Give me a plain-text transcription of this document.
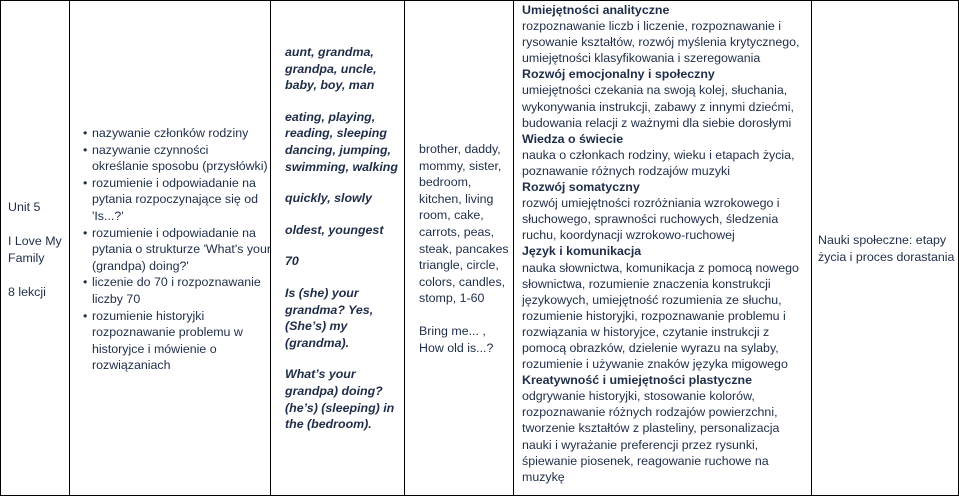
Unit 5
I Love My
Family
8 lekcji
• nazywanie członków rodziny
• nazywanie czynności
określanie sposobu (przysłówki)
• rozumienie i odpowiadanie na pytania rozpoczynające się od 'Is...?'
• rozumienie i odpowiadanie na pytania o strukturze 'What's your (grandpa) doing?'
• liczenie do 70 i rozpoznawanie liczby 70
• rozumienie historyjki
rozpoznawanie problemu w historyjce i mówienie o rozwiązaniach

aunt, grandma, grandpa, uncle, baby, boy, man

eating, playing, reading, sleeping dancing, jumping, swimming, walking

quickly, slowly

oldest, youngest

70

Is (she) your grandma? Yes, (She’s) my (grandma).

What’s your grandpa) doing? (he’s) (sleeping) in the (bedroom).

brother, daddy, mommy, sister, bedroom, kitchen, living room, cake, carrots, peas, steak, pancakes triangle, circle, colors, candles, stomp, 1-60

Bring me... , How old is...?

Umiejętności analityczne

rozpoznawanie liczb i liczenie, rozpoznawanie i rysowanie kształtów, rozwój myślenia krytycznego, umiejętności klasyfikowania i szeregowania

Rozwój emocjonalny i społeczny

umiejętności czekania na swoją kolej, słuchania, wykonywania instrukcji, zabawy z innymi dziećmi, budowania relacji z ważnymi dla siebie dorosłymi

Wiedza o świecie

nauka o członkach rodziny, wieku i etapach życia, poznawanie różnych rodzajów muzyki

Rozwój somatyczny

rozwój umiejętności rozróżniania wzrokowego i słuchowego, sprawności ruchowych, śledzenia ruchu, koordynacji wzrokowo-ruchowej

Język i komunikacja

nauka słownictwa, komunikacja z pomocą nowego słownictwa, rozumienie znaczenia konstrukcji językowych, umiejętność rozumienia ze słuchu, rozumienie historyjki, rozpoznawanie problemu i rozwiązania w historyjce, czytanie instrukcji z pomocą obrazków, dzielenie wyrazu na sylaby, rozumienie i używanie znaków języka migowego

Kreatywność i umiejętności plastyczne

odgrywanie historyjki, stosowanie kolorów, rozpoznawanie różnych rodzajów powierzchni, tworzenie kształtów z plasteliny, personalizacja nauki i wyrażanie preferencji przez rysunki, śpiewanie piosenek, reagowanie ruchowe na muzykę

Nauki społeczne: etapy życia i proces dorastania
